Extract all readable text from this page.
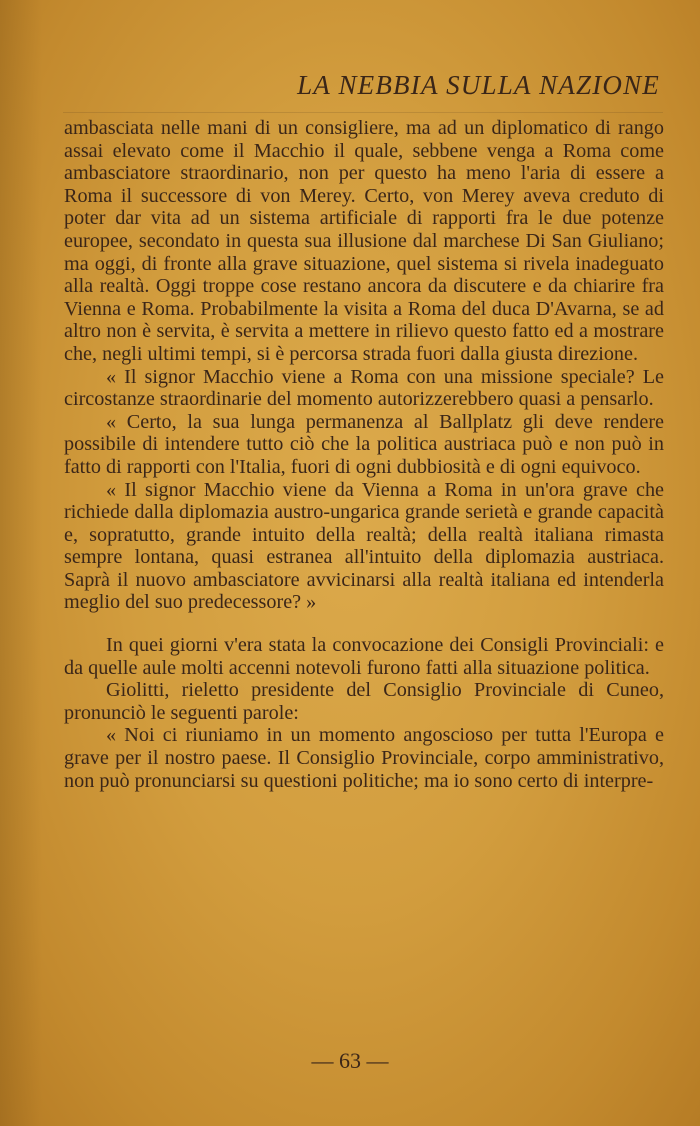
LA NEBBIA SULLA NAZIONE

ambasciata nelle mani di un consigliere, ma ad un diplomatico di rango assai elevato come il Macchio il quale, sebbene venga a Roma come ambasciatore straordinario, non per questo ha meno l'aria di essere a Roma il successore di von Merey. Certo, von Merey aveva creduto di poter dar vita ad un sistema artificiale di rapporti fra le due potenze europee, secondato in questa sua illusione dal marchese Di San Giuliano; ma oggi, di fronte alla grave situazione, quel sistema si rivela inadeguato alla realtà. Oggi troppe cose restano ancora da discutere e da chiarire fra Vienna e Roma. Probabilmente la visita a Roma del duca D'Avarna, se ad altro non è servita, è servita a mettere in rilievo questo fatto ed a mostrare che, negli ultimi tempi, si è percorsa strada fuori dalla giusta direzione.

« Il signor Macchio viene a Roma con una missione speciale? Le circostanze straordinarie del momento autorizzerebbero quasi a pensarlo.

« Certo, la sua lunga permanenza al Ballplatz gli deve rendere possibile di intendere tutto ciò che la politica austriaca può e non può in fatto di rapporti con l'Italia, fuori di ogni dubbiosità e di ogni equivoco.

« Il signor Macchio viene da Vienna a Roma in un'ora grave che richiede dalla diplomazia austro-ungarica grande serietà e grande capacità e, sopratutto, grande intuito della realtà; della realtà italiana rimasta sempre lontana, quasi estranea all'intuito della diplomazia austriaca. Saprà il nuovo ambasciatore avvicinarsi alla realtà italiana ed intenderla meglio del suo predecessore? »

In quei giorni v'era stata la convocazione dei Consigli Provinciali: e da quelle aule molti accenni notevoli furono fatti alla situazione politica.

Giolitti, rieletto presidente del Consiglio Provinciale di Cuneo, pronunciò le seguenti parole:

« Noi ci riuniamo in un momento angoscioso per tutta l'Europa e grave per il nostro paese. Il Consiglio Provinciale, corpo amministrativo, non può pronunciarsi su questioni politiche; ma io sono certo di interpre-

— 63 —
